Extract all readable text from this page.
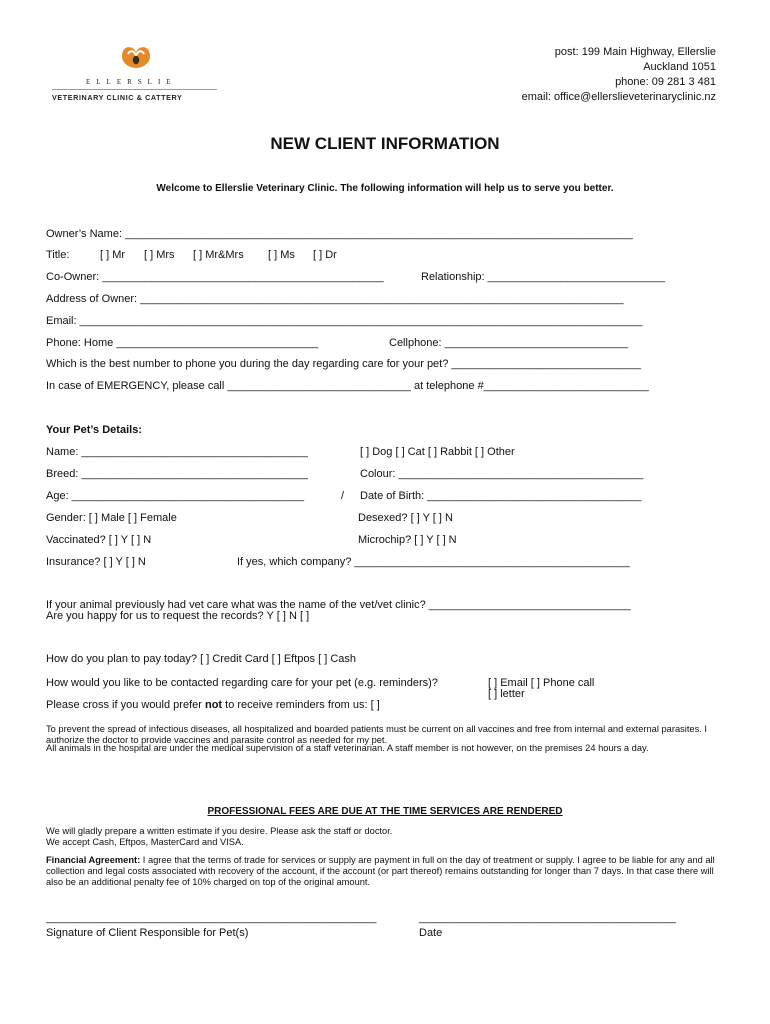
ELLERSLIE
VETERINARY CLINIC & CATTERY
post: 199 Main Highway, Ellerslie
Auckland 1051
phone: 09 281 3 481
email: office@ellerslieveterinaryclinic.nz
NEW CLIENT INFORMATION
Welcome to Ellerslie Veterinary Clinic. The following information will help us to serve you better.
Owner’s Name: ___________________________________________________________________________________
Title:	[ ] Mr [ ] Mrs [ ] Mr&Mrs [ ] Ms [ ] Dr
Co-Owner: ______________________________________________	Relationship: _____________________________
Address of Owner: _______________________________________________________________________________
Email: ____________________________________________________________________________________________
Phone: Home _________________________________	Cellphone: ______________________________
Which is the best number to phone you during the day regarding care for your pet? _______________________________
In case of EMERGENCY, please call ______________________________ at telephone #___________________________
Your Pet’s Details:
Name: _____________________________________	[ ] Dog [ ] Cat [ ] Rabbit [ ] Other
Breed: _____________________________________	Colour: ________________________________________
Age: ______________________________________	/ Date of Birth: ___________________________________
Gender: [ ] Male [ ] Female	Desexed? [ ] Y [ ] N
Vaccinated? [ ] Y [ ] N	Microchip? [ ] Y [ ] N
Insurance? [ ] Y [ ] N	If yes, which company? _____________________________________________
If your animal previously had vet care what was the name of the vet/vet clinic? _________________________________
Are you happy for us to request the records? Y [ ] N [ ]
How do you plan to pay today? [ ] Credit Card [ ] Eftpos [ ] Cash
How would you like to be contacted regarding care for your pet (e.g. reminders)?	[ ] Email [ ] Phone call
[ ] letter
Please cross if you would prefer not to receive reminders from us: [ ]
To prevent the spread of infectious diseases, all hospitalized and boarded patients must be current on all vaccines and free from internal and external parasites. I authorize the doctor to provide vaccines and parasite control as needed for my pet.
All animals in the hospital are under the medical supervision of a staff veterinarian. A staff member is not however, on the premises 24 hours a day.
PROFESSIONAL FEES ARE DUE AT THE TIME SERVICES ARE RENDERED
We will gladly prepare a written estimate if you desire. Please ask the staff or doctor.
We accept Cash, Eftpos, MasterCard and VISA.
Financial Agreement: I agree that the terms of trade for services or supply are payment in full on the day of treatment or supply. I agree to be liable for any and all collection and legal costs associated with recovery of the account, if the account (or part thereof) remains outstanding for longer than 7 days. In that case there will also be an additional penalty fee of 10% charged on top of the original amount.
______________________________________________________	__________________________________________
Signature of Client Responsible for Pet(s)	Date
